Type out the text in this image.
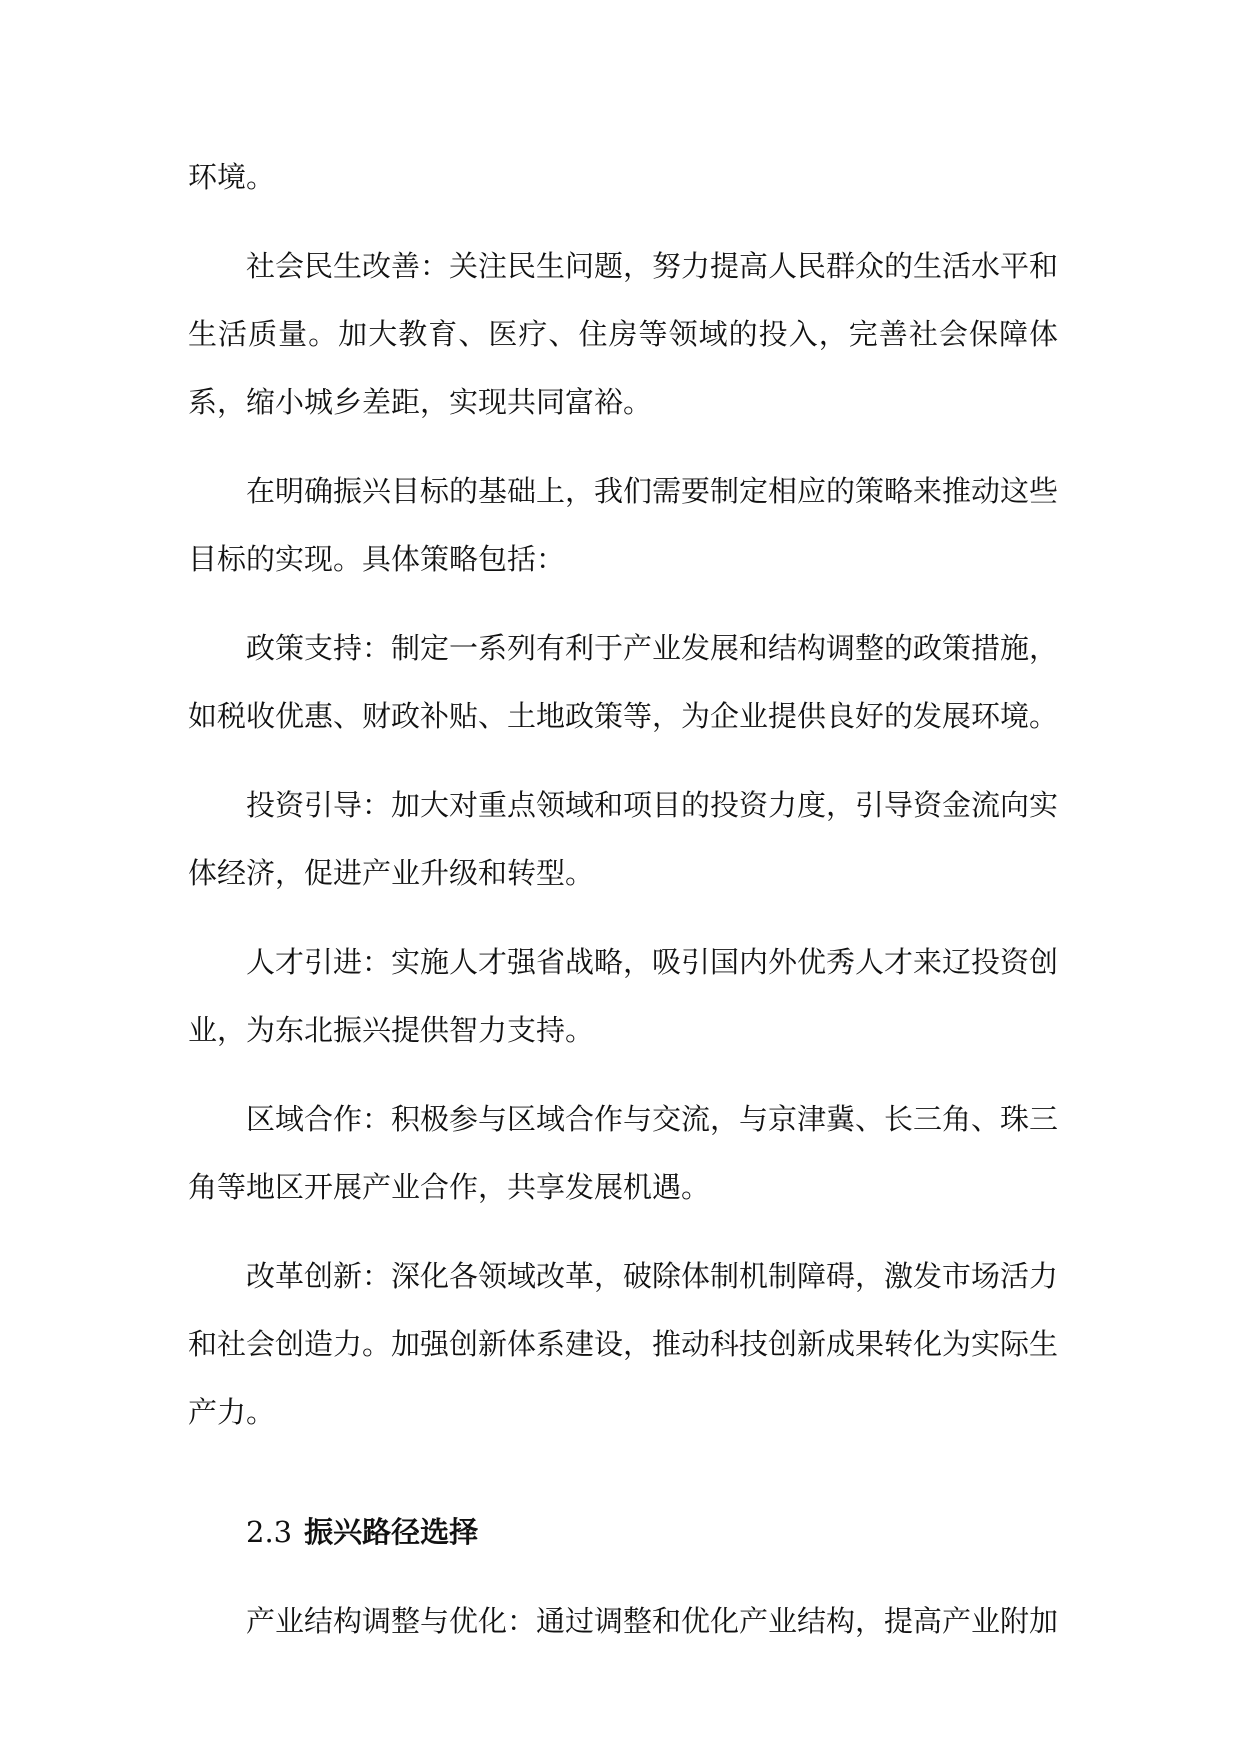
环境。

社会民生改善：关注民生问题，努力提高人民群众的生活水平和生活质量。加大教育、医疗、住房等领域的投入，完善社会保障体系，缩小城乡差距，实现共同富裕。

在明确振兴目标的基础上，我们需要制定相应的策略来推动这些目标的实现。具体策略包括：

政策支持：制定一系列有利于产业发展和结构调整的政策措施，如税收优惠、财政补贴、土地政策等，为企业提供良好的发展环境。

投资引导：加大对重点领域和项目的投资力度，引导资金流向实体经济，促进产业升级和转型。

人才引进：实施人才强省战略，吸引国内外优秀人才来辽投资创业，为东北振兴提供智力支持。

区域合作：积极参与区域合作与交流，与京津冀、长三角、珠三角等地区开展产业合作，共享发展机遇。

改革创新：深化各领域改革，破除体制机制障碍，激发市场活力和社会创造力。加强创新体系建设，推动科技创新成果转化为实际生产力。

2.3 振兴路径选择

产业结构调整与优化：通过调整和优化产业结构，提高产业附加
